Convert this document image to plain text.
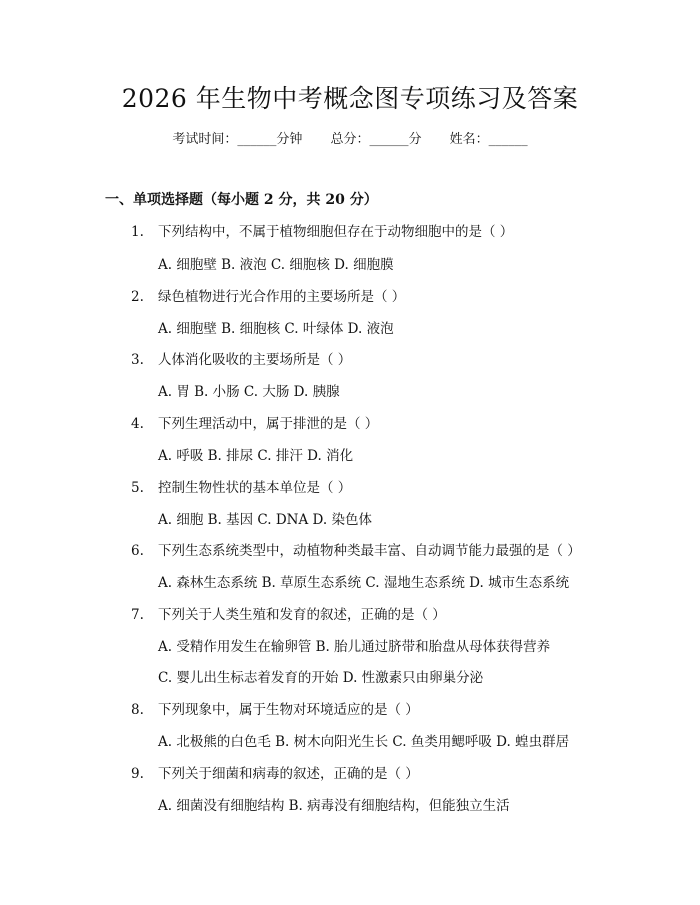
2026 年生物中考概念图专项练习及答案
考试时间：______分钟 总分：______分 姓名：______
一、单项选择题（每小题 2 分，共 20 分）
1.	下列结构中，不属于植物细胞但存在于动物细胞中的是（ ）
A. 细胞壁 B. 液泡 C. 细胞核 D. 细胞膜
2.	绿色植物进行光合作用的主要场所是（ ）
A. 细胞壁 B. 细胞核 C. 叶绿体 D. 液泡
3.	人体消化吸收的主要场所是（ ）
A. 胃 B. 小肠 C. 大肠 D. 胰腺
4.	下列生理活动中，属于排泄的是（ ）
A. 呼吸 B. 排尿 C. 排汗 D. 消化
5.	控制生物性状的基本单位是（ ）
A. 细胞 B. 基因 C. DNA D. 染色体
6.	下列生态系统类型中，动植物种类最丰富、自动调节能力最强的是（ ）
A. 森林生态系统 B. 草原生态系统 C. 湿地生态系统 D. 城市生态系统
7.	下列关于人类生殖和发育的叙述，正确的是（ ）
A. 受精作用发生在输卵管 B. 胎儿通过脐带和胎盘从母体获得营养
C. 婴儿出生标志着发育的开始 D. 性激素只由卵巢分泌
8.	下列现象中，属于生物对环境适应的是（ ）
A. 北极熊的白色毛 B. 树木向阳光生长 C. 鱼类用鳃呼吸 D. 蝗虫群居
9.	下列关于细菌和病毒的叙述，正确的是（ ）
A. 细菌没有细胞结构 B. 病毒没有细胞结构，但能独立生活
